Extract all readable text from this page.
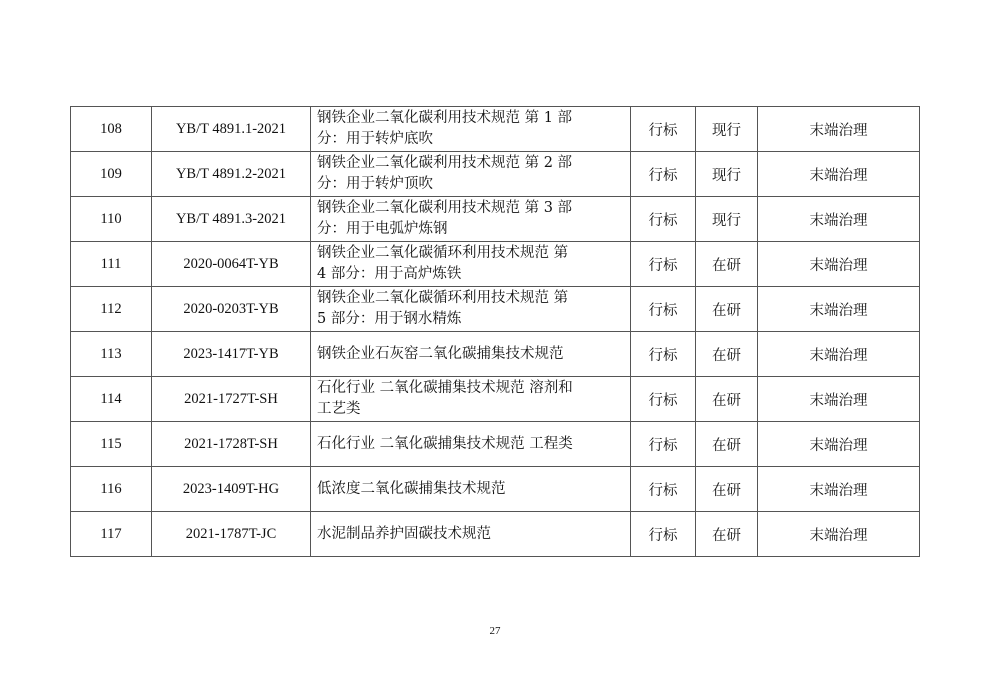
108	YB/T 4891.1-2021	钢铁企业二氧化碳利用技术规范 第 1 部
分：用于转炉底吹	行标	现行	末端治理
109	YB/T 4891.2-2021	钢铁企业二氧化碳利用技术规范 第 2 部
分：用于转炉顶吹	行标	现行	末端治理
110	YB/T 4891.3-2021	钢铁企业二氧化碳利用技术规范 第 3 部
分：用于电弧炉炼钢	行标	现行	末端治理
111	2020-0064T-YB	钢铁企业二氧化碳循环利用技术规范 第
4 部分：用于高炉炼铁	行标	在研	末端治理
112	2020-0203T-YB	钢铁企业二氧化碳循环利用技术规范 第
5 部分：用于钢水精炼	行标	在研	末端治理
113	2023-1417T-YB	钢铁企业石灰窑二氧化碳捕集技术规范	行标	在研	末端治理
114	2021-1727T-SH	石化行业 二氧化碳捕集技术规范 溶剂和
工艺类	行标	在研	末端治理
115	2021-1728T-SH	石化行业 二氧化碳捕集技术规范 工程类	行标	在研	末端治理
116	2023-1409T-HG	低浓度二氧化碳捕集技术规范	行标	在研	末端治理
117	2021-1787T-JC	水泥制品养护固碳技术规范	行标	在研	末端治理
27
